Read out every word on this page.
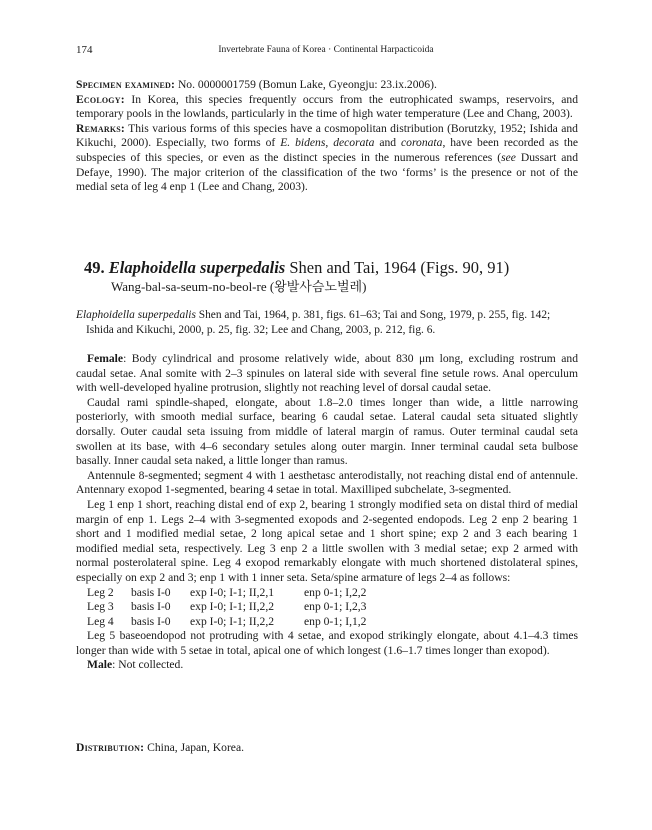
174	Invertebrate Fauna of Korea · Continental Harpacticoida

Specimen examined: No. 0000001759 (Bomun Lake, Gyeongju: 23.ix.2006).

Ecology: In Korea, this species frequently occurs from the eutrophicated swamps, reservoirs, and temporary pools in the lowlands, particularly in the time of high water temperature (Lee and Chang, 2003).

Remarks: This various forms of this species have a cosmopolitan distribution (Borutzky, 1952; Ishida and Kikuchi, 2000). Especially, two forms of E. bidens, decorata and coronata, have been recorded as the subspecies of this species, or even as the distinct species in the numerous references (see Dussart and Defaye, 1990). The major criterion of the classification of the two ‘forms’ is the presence or not of the medial seta of leg 4 enp 1 (Lee and Chang, 2003).

49. Elaphoidella superpedalis Shen and Tai, 1964 (Figs. 90, 91)
Wang-bal-sa-seum-no-beol-re (왕발사슴노벌레)
Elaphoidella superpedalis Shen and Tai, 1964, p. 381, figs. 61–63; Tai and Song, 1979, p. 255, fig. 142;
Ishida and Kikuchi, 2000, p. 25, fig. 32; Lee and Chang, 2003, p. 212, fig. 6.

Female: Body cylindrical and prosome relatively wide, about 830 μm long, excluding rostrum and caudal setae. Anal somite with 2–3 spinules on lateral side with several fine setule rows. Anal operculum with well-developed hyaline protrusion, slightly not reaching level of dorsal caudal setae.

Caudal rami spindle-shaped, elongate, about 1.8–2.0 times longer than wide, a little narrowing posteriorly, with smooth medial surface, bearing 6 caudal setae. Lateral caudal seta situated slightly dorsally. Outer caudal seta issuing from middle of lateral margin of ramus. Outer terminal caudal seta swollen at its base, with 4–6 secondary setules along outer margin. Inner terminal caudal seta bulbose basally. Inner caudal seta naked, a little longer than ramus.

Antennule 8-segmented; segment 4 with 1 aesthetasc anterodistally, not reaching distal end of antennule. Antennary exopod 1-segmented, bearing 4 setae in total. Maxilliped subchelate, 3-segmented.

Leg 1 enp 1 short, reaching distal end of exp 2, bearing 1 strongly modified seta on distal third of medial margin of enp 1. Legs 2–4 with 3-segmented exopods and 2-segented endopods. Leg 2 enp 2 bearing 1 short and 1 modified medial setae, 2 long apical setae and 1 short spine; exp 2 and 3 each bearing 1 modified medial seta, respectively. Leg 3 enp 2 a little swollen with 3 medial setae; exp 2 armed with normal posterolateral spine. Leg 4 exopod remarkably elongate with much shortened distolateral spines, especially on exp 2 and 3; enp 1 with 1 inner seta. Seta/spine armature of legs 2–4 as follows:

Leg 2	basis I-0	exp I-0; I-1; II,2,1	enp 0-1; I,2,2
Leg 3	basis I-0	exp I-0; I-1; II,2,2	enp 0-1; I,2,3
Leg 4	basis I-0	exp I-0; I-1; II,2,2	enp 0-1; I,1,2

Leg 5 baseoendopod not protruding with 4 setae, and exopod strikingly elongate, about 4.1–4.3 times longer than wide with 5 setae in total, apical one of which longest (1.6–1.7 times longer than exopod).

Male: Not collected.

Distribution: China, Japan, Korea.
